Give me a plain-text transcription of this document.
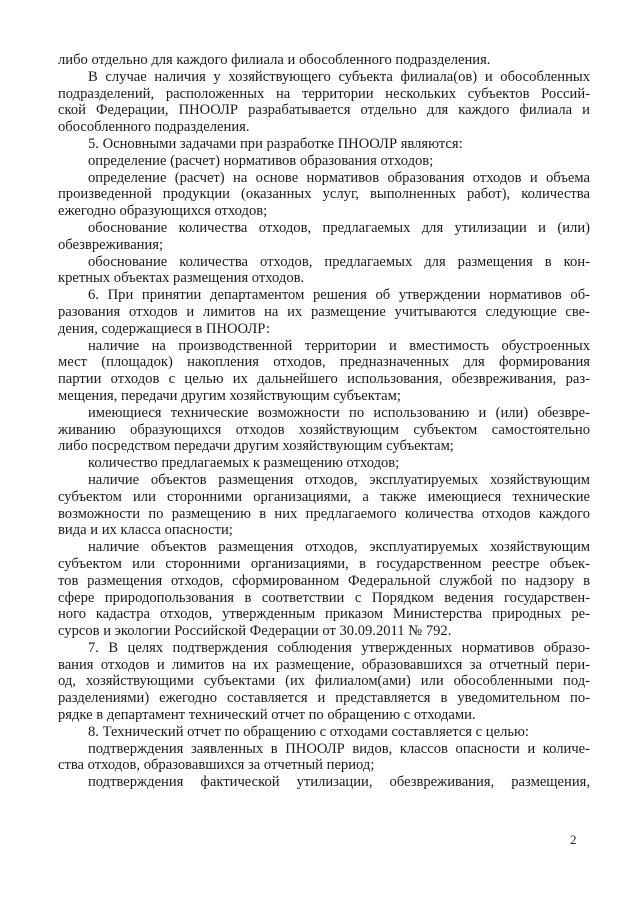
либо отдельно для каждого филиала и обособленного подразделения.
В случае наличия у хозяйствующего субъекта филиала(ов) и обособленных
подразделений, расположенных на территории нескольких субъектов Россий-
ской Федерации, ПНООЛР разрабатывается отдельно для каждого филиала и
обособленного подразделения.
5. Основными задачами при разработке ПНООЛР являются:
определение (расчет) нормативов образования отходов;
определение (расчет) на основе нормативов образования отходов и объема
произведенной продукции (оказанных услуг, выполненных работ), количества
ежегодно образующихся отходов;
обоснование количества отходов, предлагаемых для утилизации и (или)
обезвреживания;
обоснование количества отходов, предлагаемых для размещения в кон-
кретных объектах размещения отходов.
6. При принятии департаментом решения об утверждении нормативов об-
разования отходов и лимитов на их размещение учитываются следующие све-
дения, содержащиеся в ПНООЛР:
наличие на производственной территории и вместимость обустроенных
мест (площадок) накопления отходов, предназначенных для формирования
партии отходов с целью их дальнейшего использования, обезвреживания, раз-
мещения, передачи другим хозяйствующим субъектам;
имеющиеся технические возможности по использованию и (или) обезвре-
живанию образующихся отходов хозяйствующим субъектом самостоятельно
либо посредством передачи другим хозяйствующим субъектам;
количество предлагаемых к размещению отходов;
наличие объектов размещения отходов, эксплуатируемых хозяйствующим
субъектом или сторонними организациями, а также имеющиеся технические
возможности по размещению в них предлагаемого количества отходов каждого
вида и их класса опасности;
наличие объектов размещения отходов, эксплуатируемых хозяйствующим
субъектом или сторонними организациями, в государственном реестре объек-
тов размещения отходов, сформированном Федеральной службой по надзору в
сфере природопользования в соответствии с Порядком ведения государствен-
ного кадастра отходов, утвержденным приказом Министерства природных ре-
сурсов и экологии Российской Федерации от 30.09.2011 № 792.
7. В целях подтверждения соблюдения утвержденных нормативов образо-
вания отходов и лимитов на их размещение, образовавшихся за отчетный пери-
од, хозяйствующими субъектами (их филиалом(ами) или обособленными под-
разделениями) ежегодно составляется и представляется в уведомительном по-
рядке в департамент технический отчет по обращению с отходами.
8. Технический отчет по обращению с отходами составляется с целью:
подтверждения заявленных в ПНООЛР видов, классов опасности и количе-
ства отходов, образовавшихся за отчетный период;
подтверждения фактической утилизации, обезвреживания, размещения,
2
